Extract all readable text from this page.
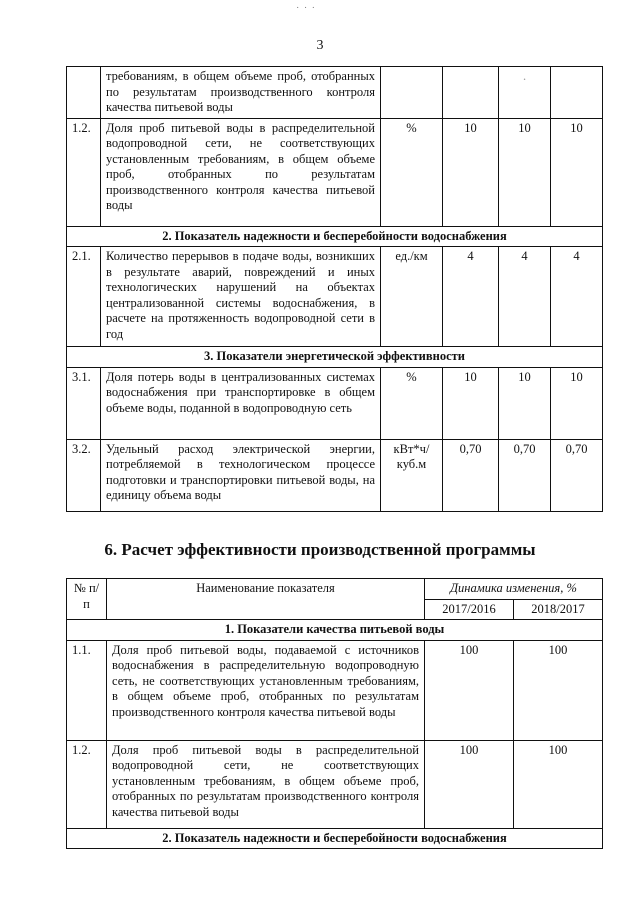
˙ ˙ ˙
3
	требованиям, в общем объеме проб, отобранных по результатам производственного контроля качества питьевой воды			.	
1.2.	Доля проб питьевой воды в распределительной водопроводной сети, не соответствующих установленным требованиям, в общем объеме проб, отобранных по результатам производственного контроля качества питьевой воды	%	10	10	10
2. Показатель надежности и бесперебойности водоснабжения					
2.1.	Количество перерывов в подаче воды, возникших в результате аварий, повреждений и иных технологических нарушений на объектах централизованной системы водоснабжения, в расчете на протяженность водопроводной сети в год	ед./км	4	4	4
3. Показатели энергетической эффективности					
3.1.	Доля потерь воды в централизованных системах водоснабжения при транспортировке в общем объеме воды, поданной в водопроводную сеть	%	10	10	10
3.2.	Удельный расход электрической энергии, потребляемой в технологическом процессе подготовки и транспортировки питьевой воды, на единицу объема воды	кВт*ч/ куб.м	0,70	0,70	0,70
6. Расчет эффективности производственной программы
№ п/п	Наименование показателя	Динамика изменения, %	
		2017/2016	2018/2017
1. Показатели качества питьевой воды			
1.1.	Доля проб питьевой воды, подаваемой с источников водоснабжения в распределительную водопроводную сеть, не соответствующих установленным требованиям, в общем объеме проб, отобранных по результатам производственного контроля качества питьевой воды	100	100
1.2.	Доля проб питьевой воды в распределительной водопроводной сети, не соответствующих установленным требованиям, в общем объеме проб, отобранных по результатам производственного контроля качества питьевой воды	100	100
2. Показатель надежности и бесперебойности водоснабжения			
